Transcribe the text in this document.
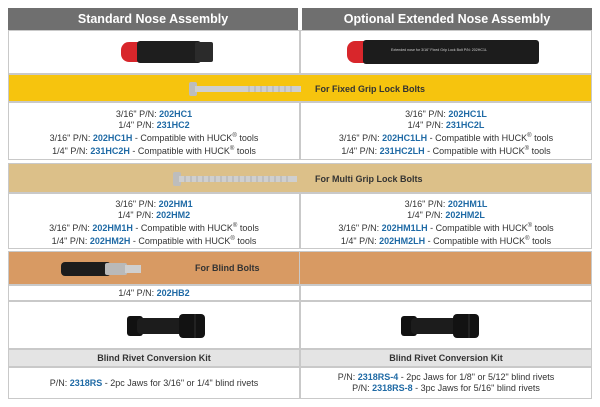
Standard Nose Assembly	Optional Extended Nose Assembly
Extended nose for 3/16" Fixed Grip Lock Bolt P/N: 202HC1L
For Fixed Grip Lock Bolts
3/16" P/N: 202HC1
1/4" P/N: 231HC2
3/16" P/N: 202HC1H - Compatible with HUCK® tools
1/4" P/N: 231HC2H - Compatible with HUCK® tools
3/16" P/N: 202HC1L
1/4" P/N: 231HC2L
3/16" P/N: 202HC1LH - Compatible with HUCK® tools
1/4" P/N: 231HC2LH - Compatible with HUCK® tools
For Multi Grip Lock Bolts
3/16" P/N: 202HM1
1/4" P/N: 202HM2
3/16" P/N: 202HM1H - Compatible with HUCK® tools
1/4" P/N: 202HM2H - Compatible with HUCK® tools
3/16" P/N: 202HM1L
1/4" P/N: 202HM2L
3/16" P/N: 202HM1LH - Compatible with HUCK® tools
1/4" P/N: 202HM2LH - Compatible with HUCK® tools
For Blind Bolts
1/4" P/N: 202HB2
Blind Rivet Conversion Kit	Blind Rivet Conversion Kit
P/N: 2318RS - 2pc Jaws for 3/16" or 1/4" blind rivets
P/N: 2318RS-4 - 2pc Jaws for 1/8" or 5/12" blind rivets
P/N: 2318RS-8 - 3pc Jaws for 5/16" blind rivets
